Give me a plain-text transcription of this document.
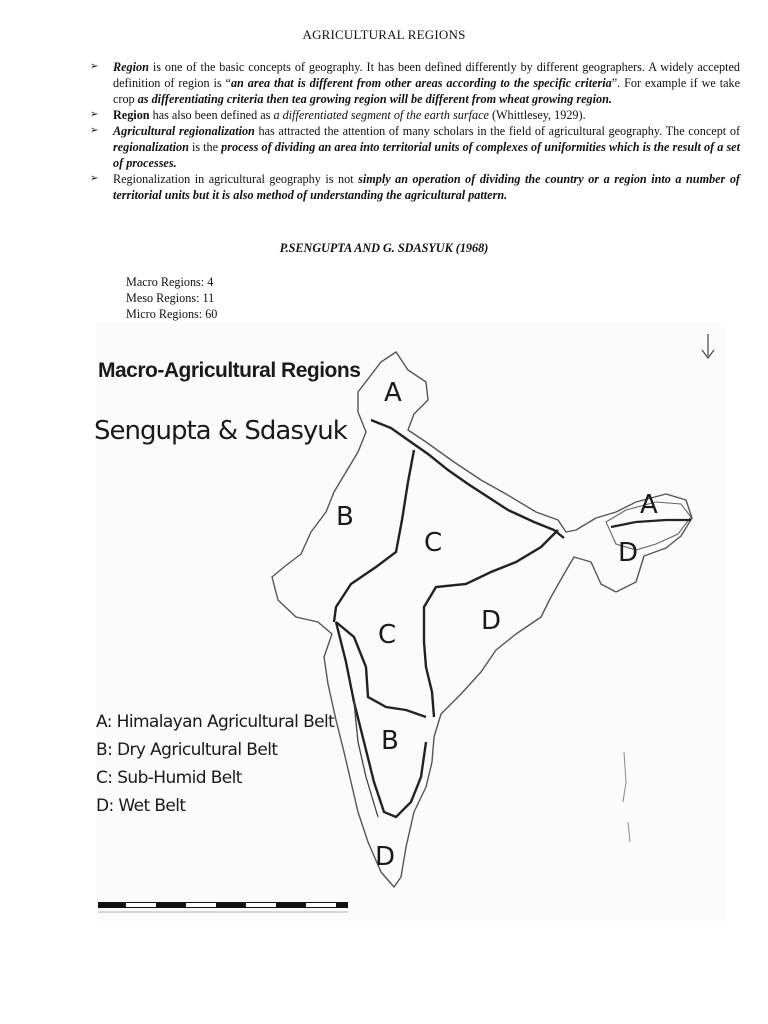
AGRICULTURAL REGIONS
➢ Region is one of the basic concepts of geography. It has been defined differently by different geographers. A widely accepted definition of region is “an area that is different from other areas according to the specific criteria”. For example if we take crop as differentiating criteria then tea growing region will be different from wheat growing region.
➢ Region has also been defined as a differentiated segment of the earth surface (Whittlesey, 1929).
➢ Agricultural regionalization has attracted the attention of many scholars in the field of agricultural geography. The concept of regionalization is the process of dividing an area into territorial units of complexes of uniformities which is the result of a set of processes.
➢ Regionalization in agricultural geography is not simply an operation of dividing the country or a region into a number of territorial units but it is also method of understanding the agricultural pattern.
P.SENGUPTA AND G. SDASYUK (1968)
Macro Regions: 4
Meso Regions: 11
Micro Regions: 60
Macro-Agricultural Regions
Sengupta & Sdasyuk
A
B
C
A
D
C	D
B
D
A: Himalayan Agricultural Belt
B: Dry Agricultural Belt
C: Sub-Humid Belt
D: Wet Belt
